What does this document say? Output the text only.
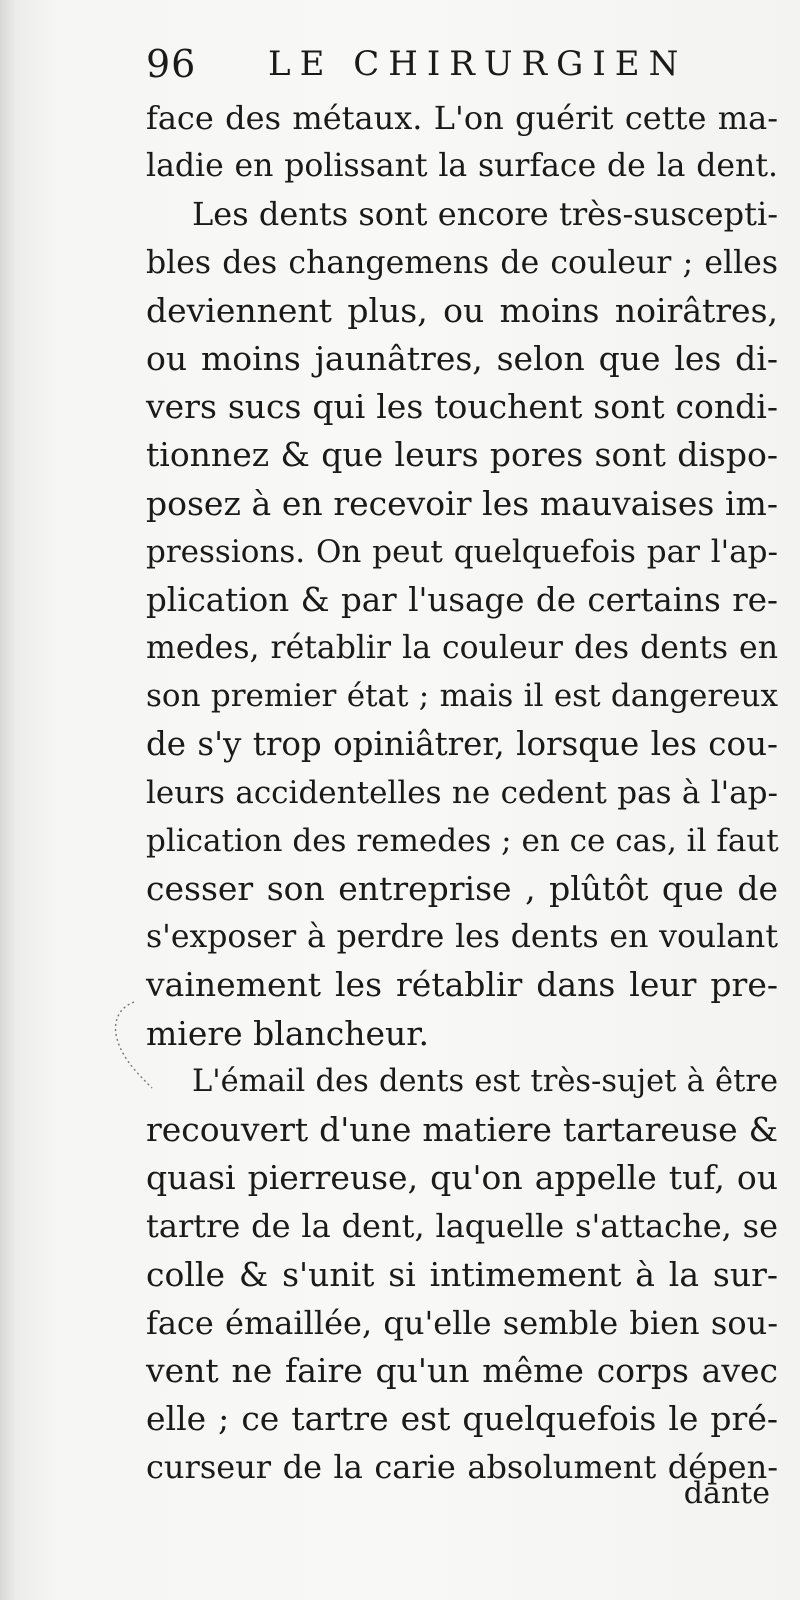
96 LE CHIRURGIEN
face des métaux. L'on guérit cette ma-
ladie en polissant la surface de la dent.
Les dents sont encore très-suscepti-
bles des changemens de couleur ; elles
deviennent plus, ou moins noirâtres,
ou moins jaunâtres, selon que les di-
vers sucs qui les touchent sont condi-
tionnez & que leurs pores sont dispo-
posez à en recevoir les mauvaises im-
pressions. On peut quelquefois par l'ap-
plication & par l'usage de certains re-
medes, rétablir la couleur des dents en
son premier état ; mais il est dangereux
de s'y trop opiniâtrer, lorsque les cou-
leurs accidentelles ne cedent pas à l'ap-
plication des remedes ; en ce cas, il faut
cesser son entreprise , plûtôt que de
s'exposer à perdre les dents en voulant
vainement les rétablir dans leur pre-
miere blancheur.
L'émail des dents est très-sujet à être
recouvert d'une matiere tartareuse &
quasi pierreuse, qu'on appelle tuf, ou
tartre de la dent, laquelle s'attache, se
colle & s'unit si intimement à la sur-
face émaillée, qu'elle semble bien sou-
vent ne faire qu'un même corps avec
elle ; ce tartre est quelquefois le pré-
curseur de la carie absolument dépen-
dante
